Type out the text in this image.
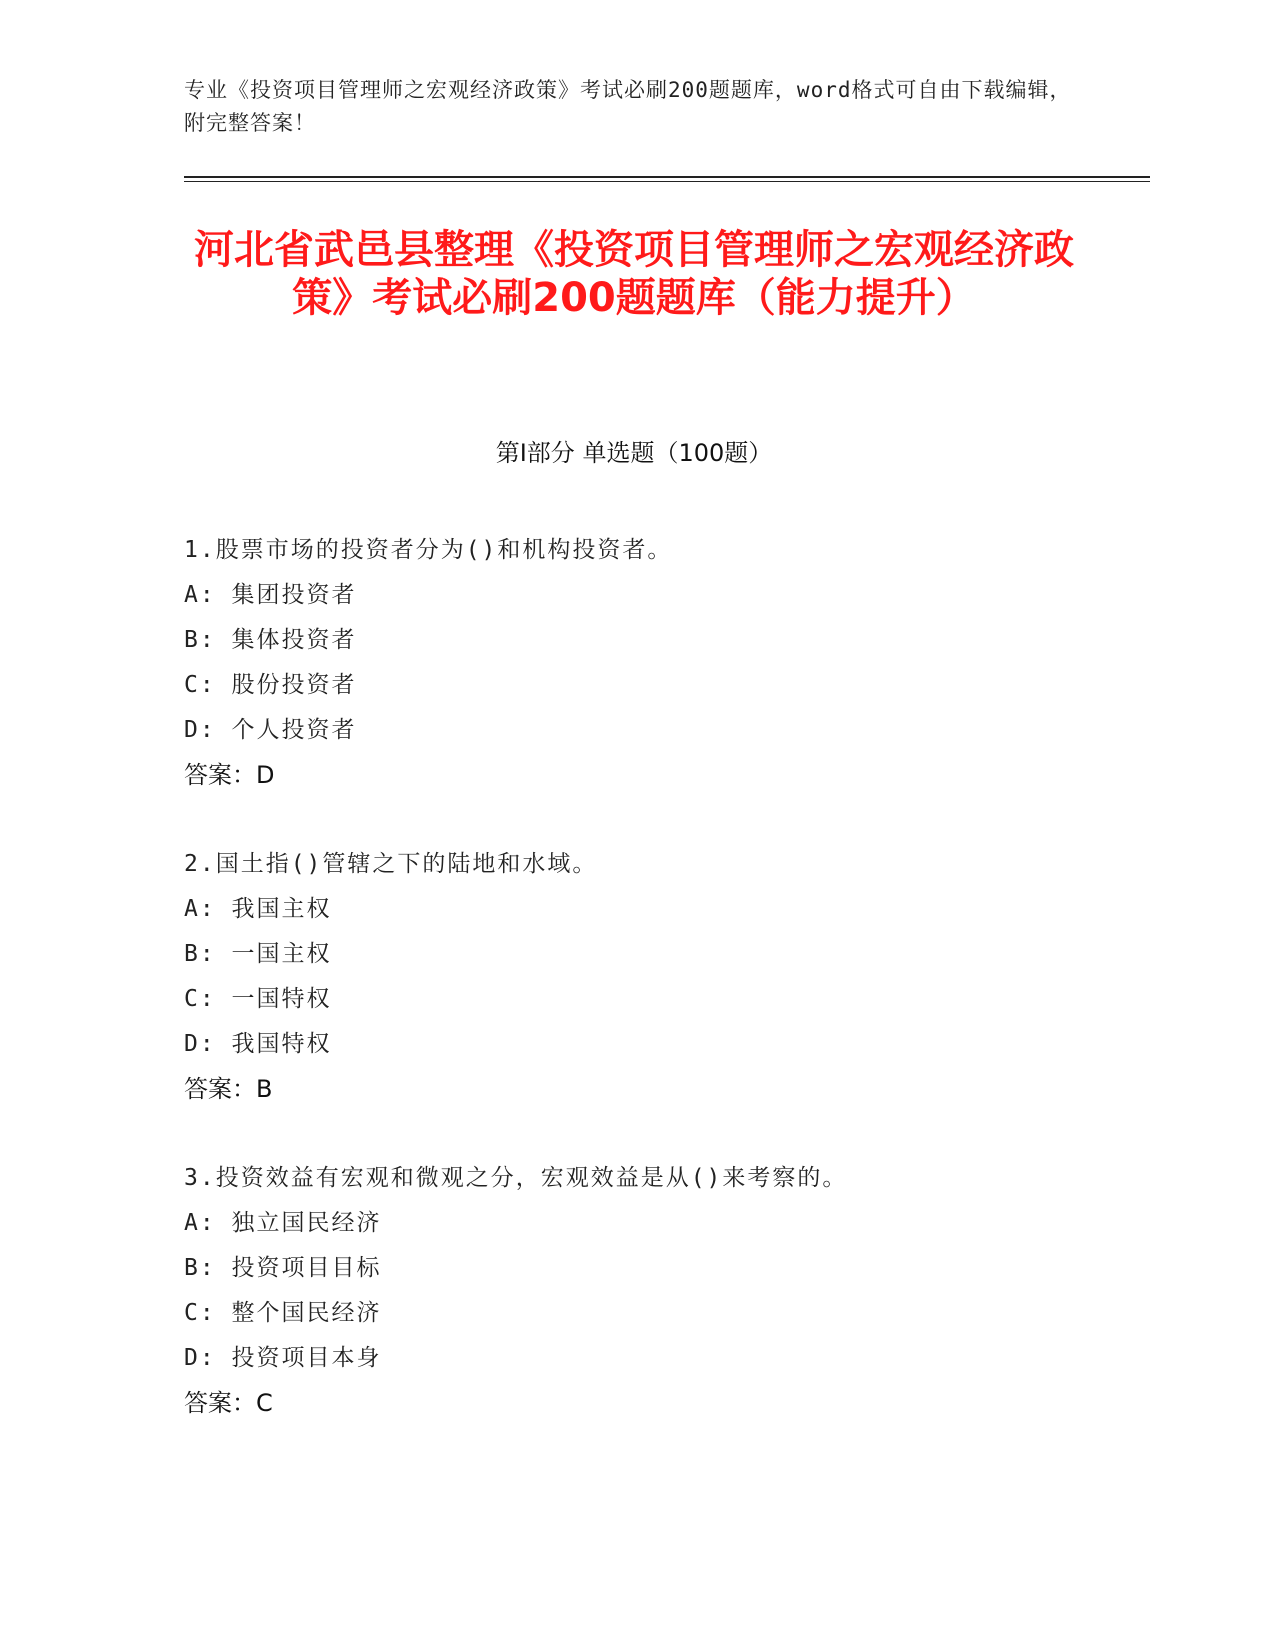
专业《投资项目管理师之宏观经济政策》考试必刷200题题库，word格式可自由下载编辑，附完整答案！
河北省武邑县整理《投资项目管理师之宏观经济政策》考试必刷200题题库（能力提升）
第I部分 单选题（100题）
1.股票市场的投资者分为()和机构投资者。
A: 集团投资者
B: 集体投资者
C: 股份投资者
D: 个人投资者
答案：D
2.国土指()管辖之下的陆地和水域。
A: 我国主权
B: 一国主权
C: 一国特权
D: 我国特权
答案：B
3.投资效益有宏观和微观之分，宏观效益是从()来考察的。
A: 独立国民经济
B: 投资项目目标
C: 整个国民经济
D: 投资项目本身
答案：C
